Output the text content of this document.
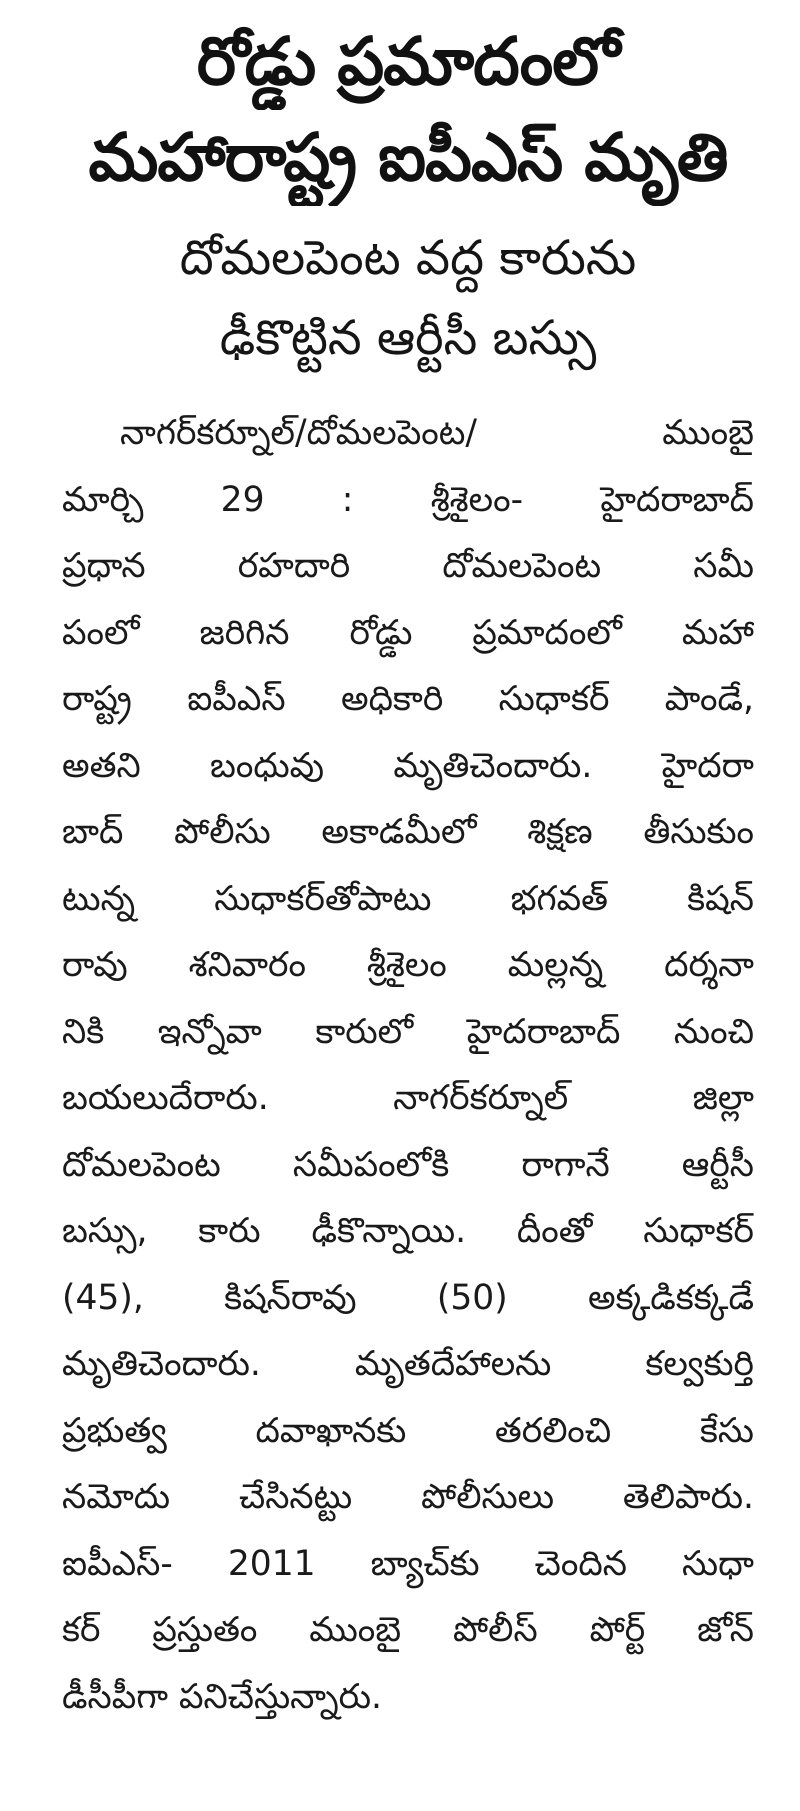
రోడ్డు ప్రమాదంలో
మహారాష్ట్ర ఐపీఎస్ మృతి
దోమలపెంట వద్ద కారును
ఢీకొట్టిన ఆర్టీసీ బస్సు
నాగర్‌కర్నూల్/దోమలపెంట/ ముంబై
మార్చి 29 : శ్రీశైలం- హైదరాబాద్
ప్రధాన రహదారి దోమలపెంట సమీ
పంలో జరిగిన రోడ్డు ప్రమాదంలో మహా
రాష్ట్ర ఐపీఎస్ అధికారి సుధాకర్ పాండే,
అతని బంధువు మృతిచెందారు. హైదరా
బాద్ పోలీసు అకాడమీలో శిక్షణ తీసుకుం
టున్న సుధాకర్‌తోపాటు భగవత్ కిషన్
రావు శనివారం శ్రీశైలం మల్లన్న దర్శనా
నికి ఇన్నోవా కారులో హైదరాబాద్ నుంచి
బయలుదేరారు. నాగర్‌కర్నూల్ జిల్లా
దోమలపెంట సమీపంలోకి రాగానే ఆర్టీసీ
బస్సు, కారు ఢీకొన్నాయి. దీంతో సుధాకర్
(45), కిషన్‌రావు (50) అక్కడికక్కడే
మృతిచెందారు. మృతదేహాలను కల్వకుర్తి
ప్రభుత్వ దవాఖానకు తరలించి కేసు
నమోదు చేసినట్టు పోలీసులు తెలిపారు.
ఐపీఎస్- 2011 బ్యాచ్‌కు చెందిన సుధా
కర్ ప్రస్తుతం ముంబై పోలీస్ పోర్ట్ జోన్
డీసీపీగా పనిచేస్తున్నారు.
